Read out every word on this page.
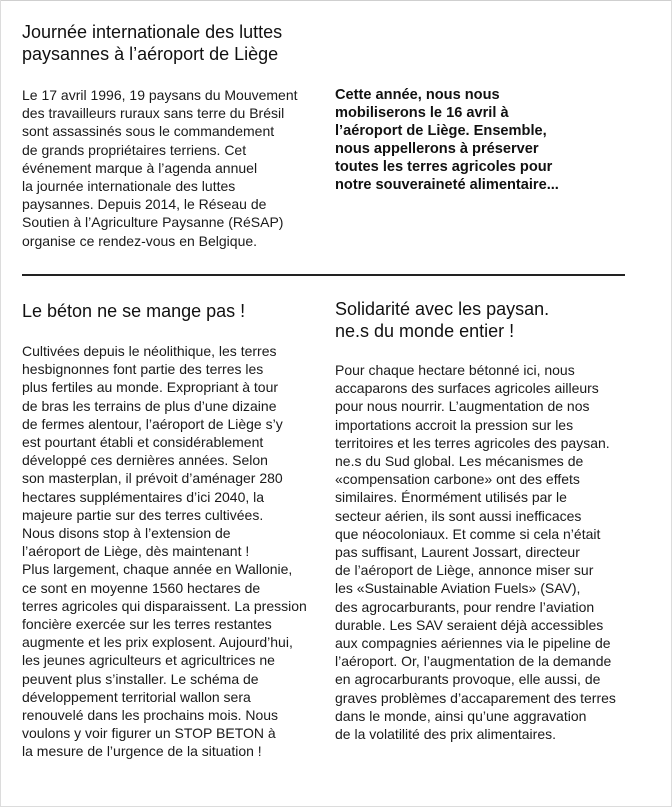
Journée internationale des luttes
paysannes à l’aéroport de Liège
Le 17 avril 1996, 19 paysans du Mouvement
des travailleurs ruraux sans terre du Brésil
sont assassinés sous le commandement
de grands propriétaires terriens. Cet
événement marque à l’agenda annuel
la journée internationale des luttes
paysannes. Depuis 2014, le Réseau de
Soutien à l’Agriculture Paysanne (RéSAP)
organise ce rendez-vous en Belgique.
Cette année, nous nous
mobiliserons le 16 avril à
l’aéroport de Liège. Ensemble,
nous appellerons à préserver
toutes les terres agricoles pour
notre souveraineté alimentaire...
Le béton ne se mange pas !
Cultivées depuis le néolithique, les terres
hesbignonnes font partie des terres les
plus fertiles au monde. Expropriant à tour
de bras les terrains de plus d’une dizaine
de fermes alentour, l’aéroport de Liège s’y
est pourtant établi et considérablement
développé ces dernières années. Selon
son masterplan, il prévoit d’aménager 280
hectares supplémentaires d’ici 2040, la
majeure partie sur des terres cultivées.
Nous disons stop à l’extension de
l’aéroport de Liège, dès maintenant !
Plus largement, chaque année en Wallonie,
ce sont en moyenne 1560 hectares de
terres agricoles qui disparaissent. La pression
foncière exercée sur les terres restantes
augmente et les prix explosent. Aujourd’hui,
les jeunes agriculteurs et agricultrices ne
peuvent plus s’installer. Le schéma de
développement territorial wallon sera
renouvelé dans les prochains mois. Nous
voulons y voir figurer un STOP BETON à
la mesure de l’urgence de la situation !
Solidarité avec les paysan.
ne.s du monde entier !
Pour chaque hectare bétonné ici, nous
accaparons des surfaces agricoles ailleurs
pour nous nourrir. L’augmentation de nos
importations accroit la pression sur les
territoires et les terres agricoles des paysan.
ne.s du Sud global. Les mécanismes de
«compensation carbone» ont des effets
similaires. Énormément utilisés par le
secteur aérien, ils sont aussi inefficaces
que néocoloniaux. Et comme si cela n’était
pas suffisant, Laurent Jossart, directeur
de l’aéroport de Liège, annonce miser sur
les «Sustainable Aviation Fuels» (SAV),
des agrocarburants, pour rendre l’aviation
durable. Les SAV seraient déjà accessibles
aux compagnies aériennes via le pipeline de
l’aéroport. Or, l’augmentation de la demande
en agrocarburants provoque, elle aussi, de
graves problèmes d’accaparement des terres
dans le monde, ainsi qu’une aggravation
de la volatilité des prix alimentaires.
